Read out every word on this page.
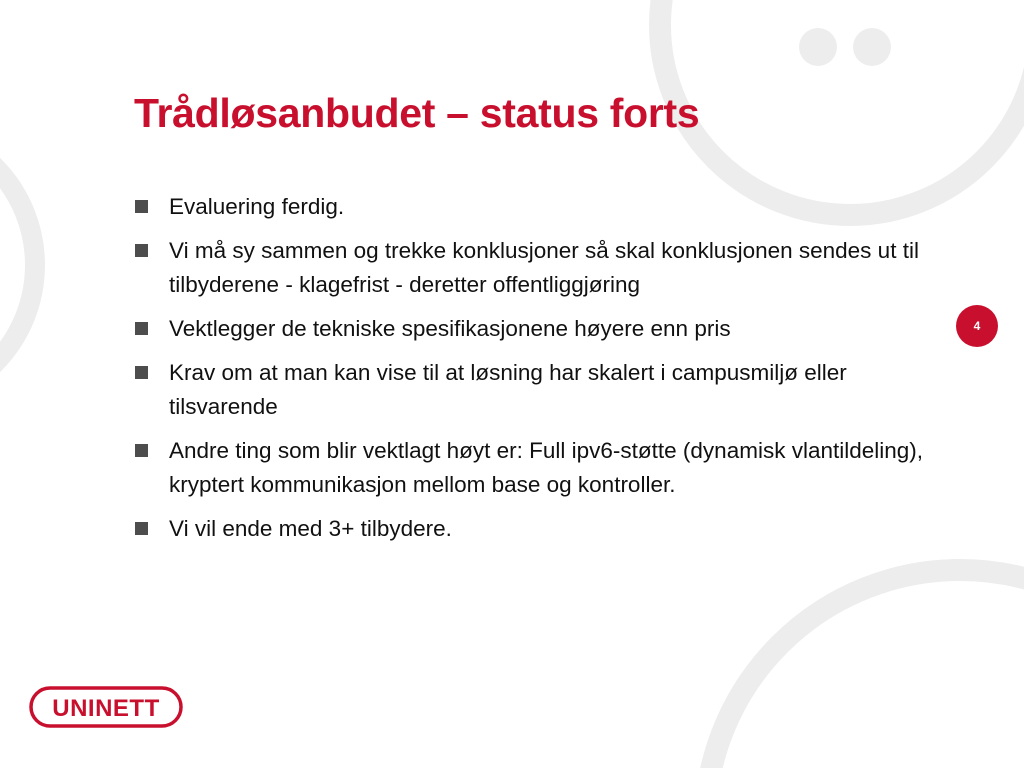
Trådløsanbudet – status forts
Evaluering ferdig.
Vi må sy sammen og trekke konklusjoner så skal konklusjonen sendes ut til tilbyderene - klagefrist - deretter offentliggjøring
Vektlegger de tekniske spesifikasjonene høyere enn pris
Krav om at man kan vise til at løsning har skalert i campusmiljø eller tilsvarende
Andre ting som blir vektlagt høyt er: Full ipv6-støtte (dynamisk vlantildeling), kryptert kommunikasjon mellom base og kontroller.
Vi vil ende med 3+ tilbydere.
4
UNINETT
